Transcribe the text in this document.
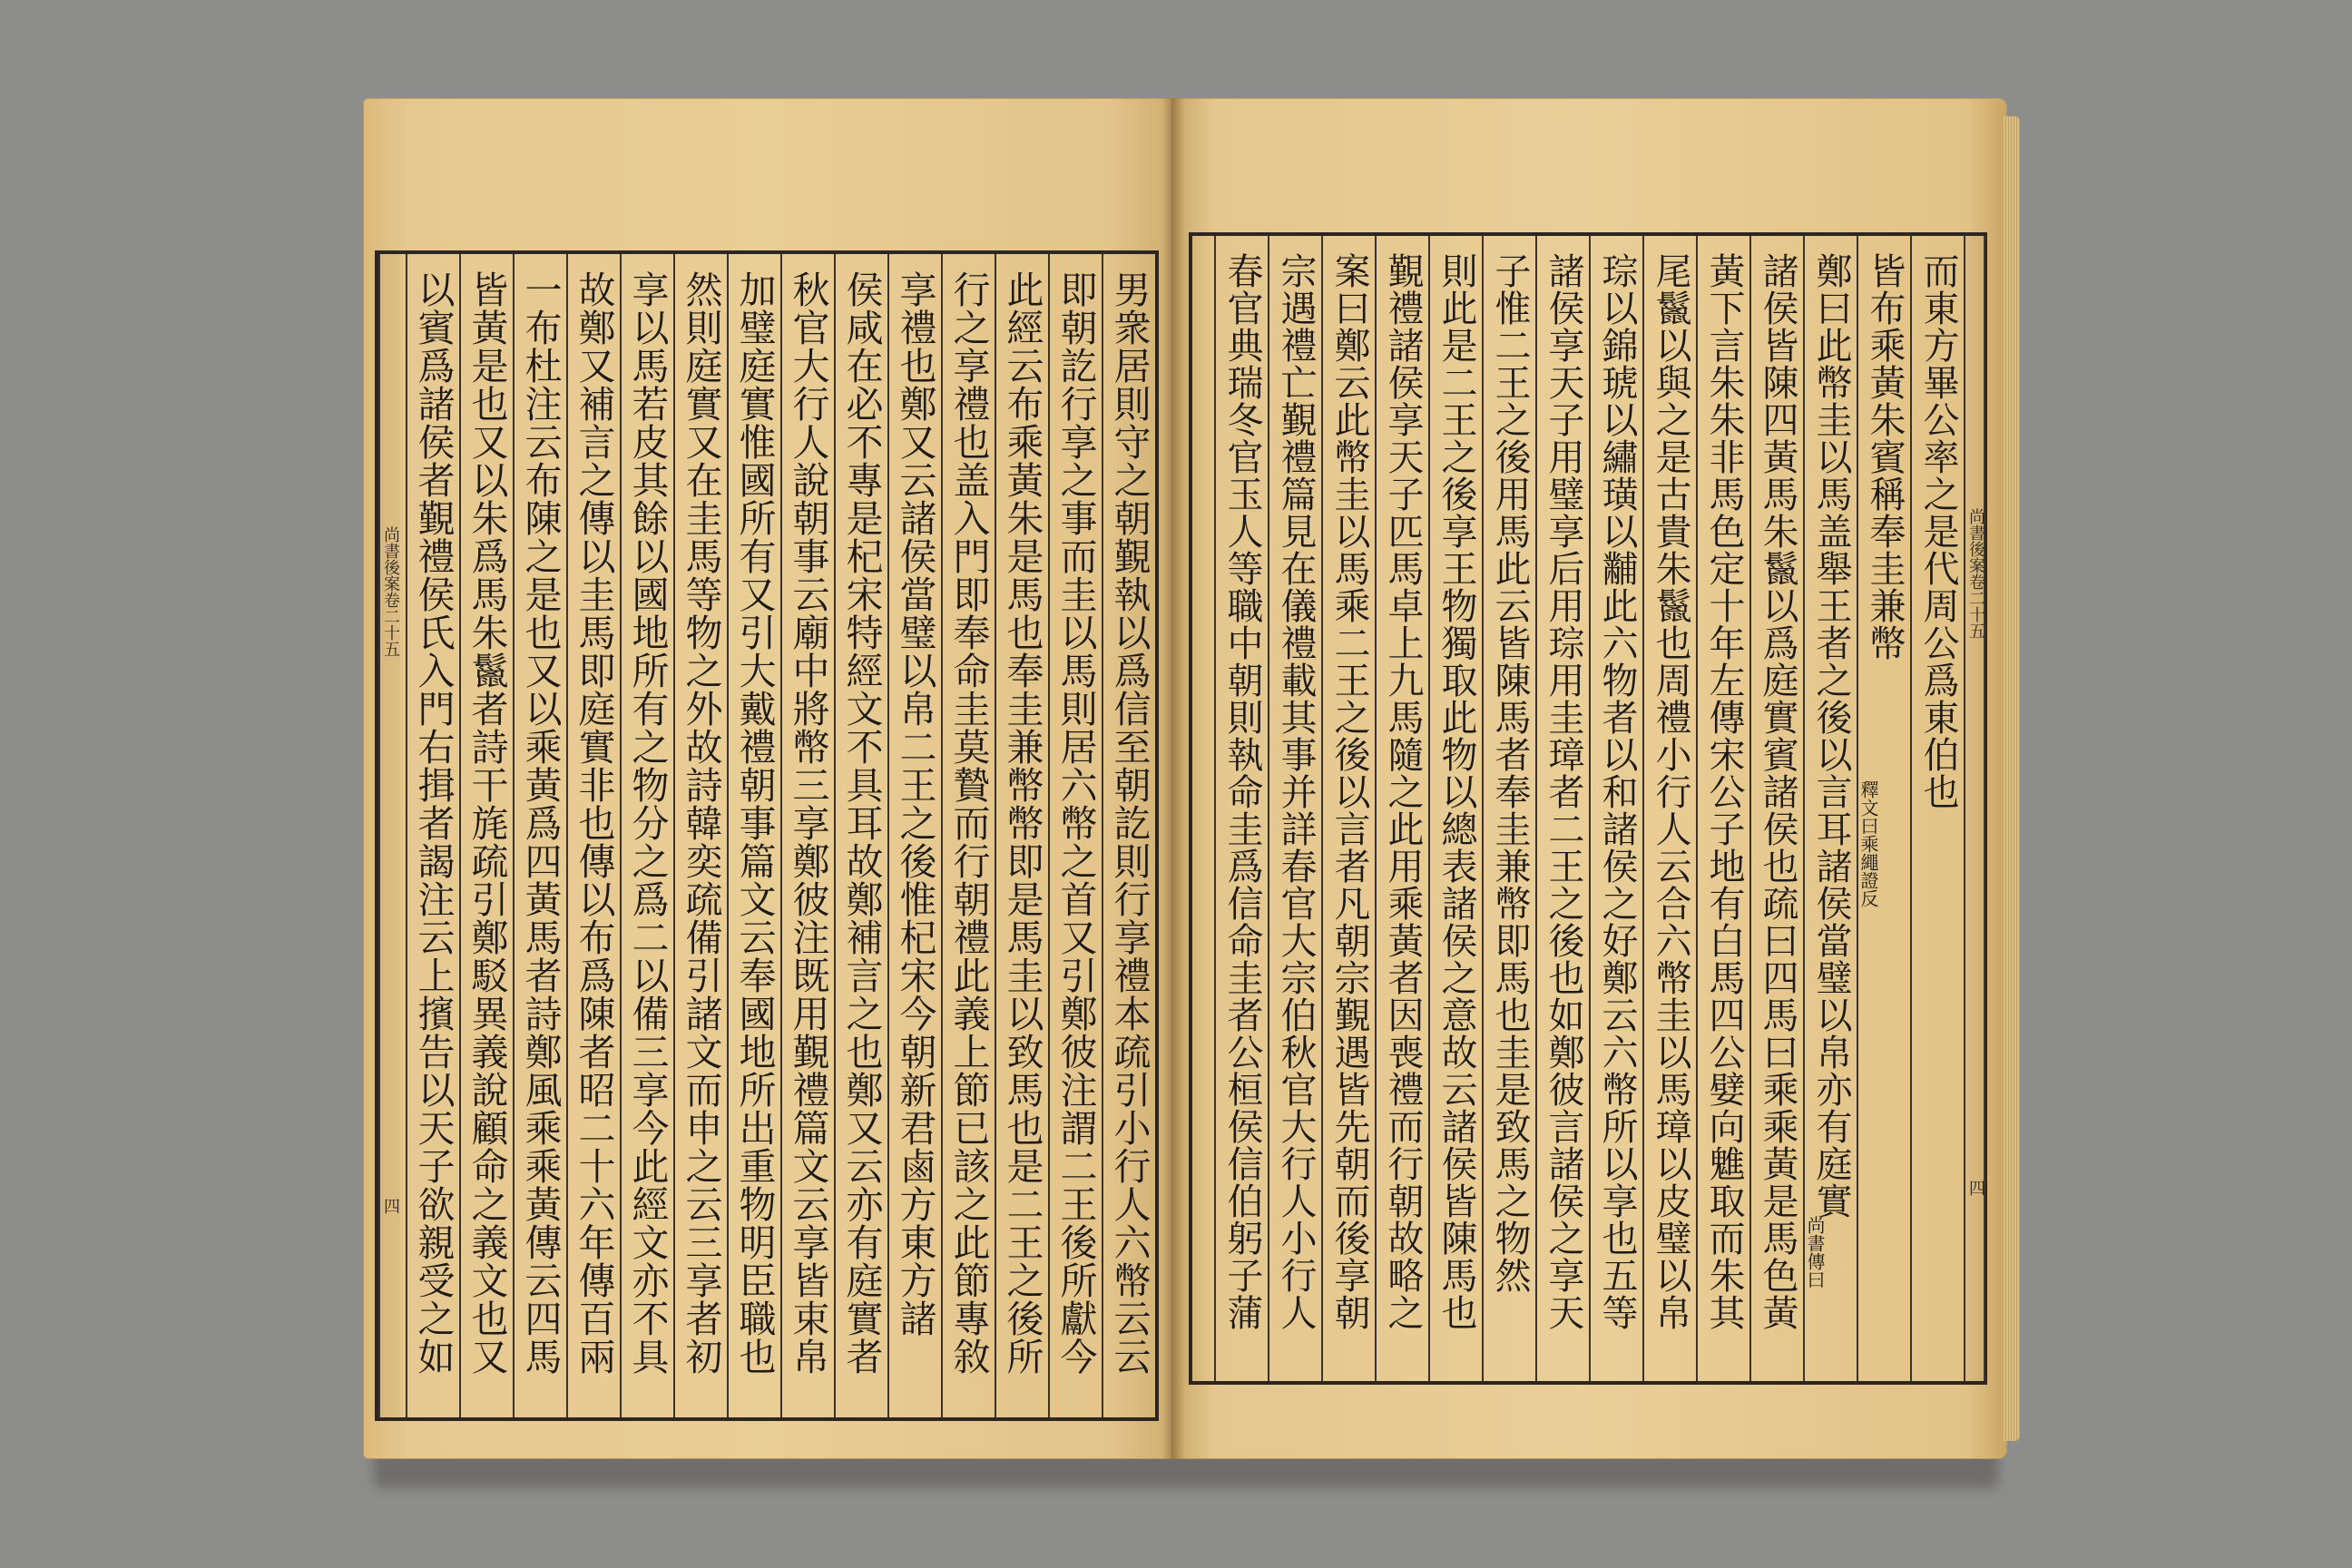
男衆居則守之朝覲執以爲信至朝訖則行享禮本疏引小行人六幣云云
即朝訖行享之事而圭以馬則居六幣之首又引鄭彼注謂二王後所獻今
此經云布乘黃朱是馬也奉圭兼幣幣即是馬圭以致馬也是二王之後所
行之享禮也盖入門即奉命圭莫贄而行朝禮此義上節已該之此節專敘
享禮也鄭又云諸侯當璧以帛二王之後惟杞宋今朝新君鹵方東方諸
侯咸在必不專是杞宋特經文不具耳故鄭補言之也鄭又云亦有庭實者
秋官大行人說朝事云廟中將幣三享鄭彼注既用覲禮篇文云享皆束帛
加璧庭實惟國所有又引大戴禮朝事篇文云奉國地所出重物明臣職也
然則庭實又在圭馬等物之外故詩韓奕疏備引諸文而申之云三享者初
享以馬若皮其餘以國地所有之物分之爲二以備三享今此經文亦不具
故鄭又補言之傳以圭馬即庭實非也傳以布爲陳者昭二十六年傳百兩
一布杜注云布陳之是也又以乘黃爲四黃馬者詩鄭風乘乘黃傳云四馬
皆黃是也又以朱爲馬朱鬣者詩干旄疏引鄭駁異義說顧命之義文也又
以賓爲諸侯者覲禮侯氏入門右揖者謁注云上擯告以天子欲親受之如
尚書後案卷二十五
四
而東方畢公率之是代周公爲東伯也
皆布乘黃朱賓稱奉圭兼幣
鄭曰此幣圭以馬盖舉王者之後以言耳諸侯當璧以帛亦有庭實
諸侯皆陳四黃馬朱鬣以爲庭實賓諸侯也疏曰四馬曰乘乘黃是馬色黃
黃下言朱朱非馬色定十年左傳宋公子地有白馬四公嬖向魋取而朱其
尾鬣以與之是古貴朱鬣也周禮小行人云合六幣圭以馬璋以皮璧以帛
琮以錦琥以繡璜以黼此六物者以和諸侯之好鄭云六幣所以享也五等
諸侯享天子用璧享后用琮用圭璋者二王之後也如鄭彼言諸侯之享天
子惟二王之後用馬此云皆陳馬者奉圭兼幣即馬也圭是致馬之物然
則此是二王之後享王物獨取此物以總表諸侯之意故云諸侯皆陳馬也
覲禮諸侯享天子匹馬卓上九馬隨之此用乘黃者因喪禮而行朝故略之
案曰鄭云此幣圭以馬乘二王之後以言者凡朝宗覲遇皆先朝而後享朝
宗遇禮亡覲禮篇見在儀禮載其事并詳春官大宗伯秋官大行人小行人
春官典瑞冬官玉人等職中朝則執命圭爲信命圭者公桓侯信伯躬子蒲	尚書後案卷二十五
四
釋文曰乘繩證反
尚書傳曰
